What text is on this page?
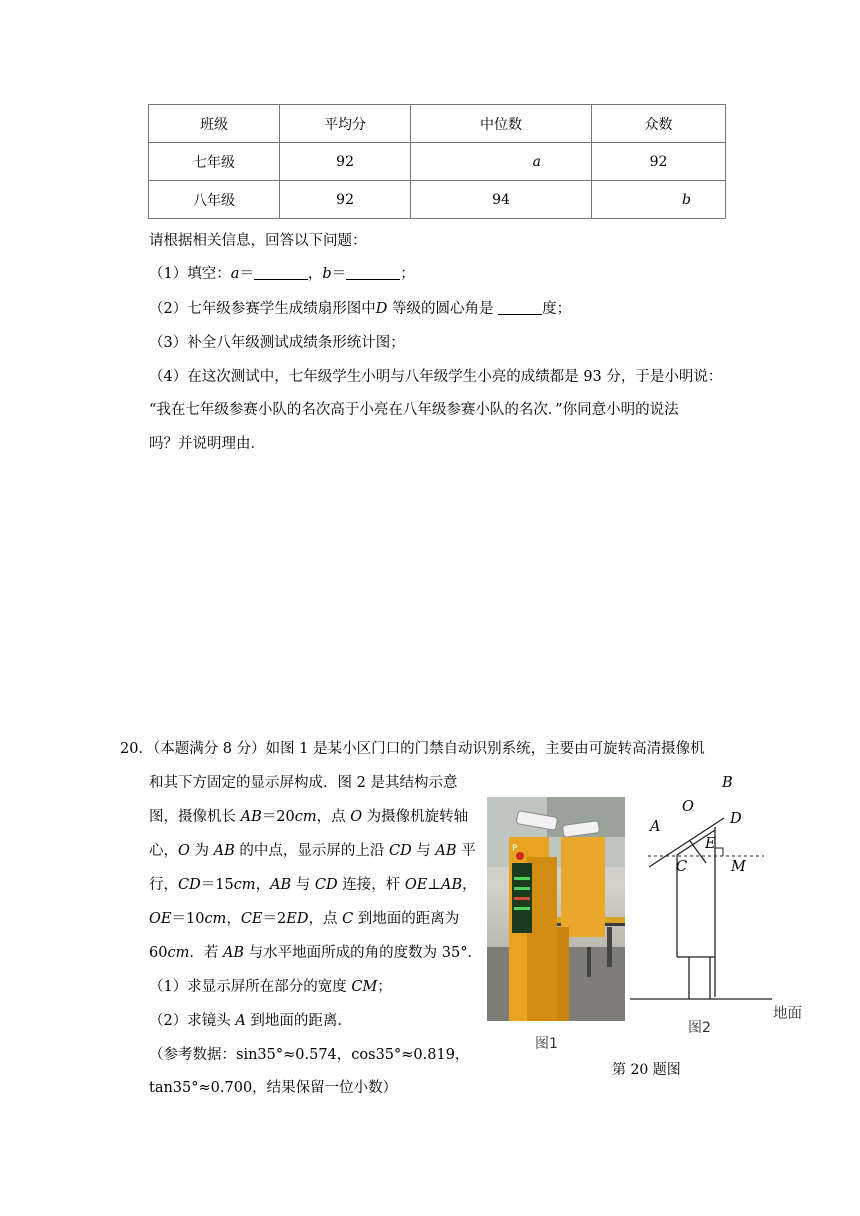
班级	平均分	中位数	众数
七年级	92	a	92
八年级	92	94	b
请根据相关信息，回答以下问题：
（1）填空：a＝	，b＝	；
（2）七年级参赛学生成绩扇形图中D 等级的圆心角是	度；
（3）补全八年级测试成绩条形统计图；
（4）在这次测试中，七年级学生小明与八年级学生小亮的成绩都是 93 分，于是小明说：
“我在七年级参赛小队的名次高于小亮在八年级参赛小队的名次．”你同意小明的说法
吗？并说明理由．
20．（本题满分 8 分）如图 1 是某小区门口的门禁自动识别系统，主要由可旋转高清摄像机
和其下方固定的显示屏构成．图 2 是其结构示意
图，摄像机长 AB＝20cm，点 O 为摄像机旋转轴
心，O 为 AB 的中点，显示屏的上沿 CD 与 AB 平
行，CD＝15cm，AB 与 CD 连接，杆 OE⊥AB，
OE＝10cm，CE＝2ED，点 C 到地面的距离为
60cm．若 AB 与水平地面所成的角的度数为 35°．
（1）求显示屏所在部分的宽度 CM；
（2）求镜头 A 到地面的距离．
（参考数据：sin35°≈0.574，cos35°≈0.819，
tan35°≈0.700，结果保留一位小数）
P
图1
B
O
A	D
E
C	M
地面
图2
第 20 题图
